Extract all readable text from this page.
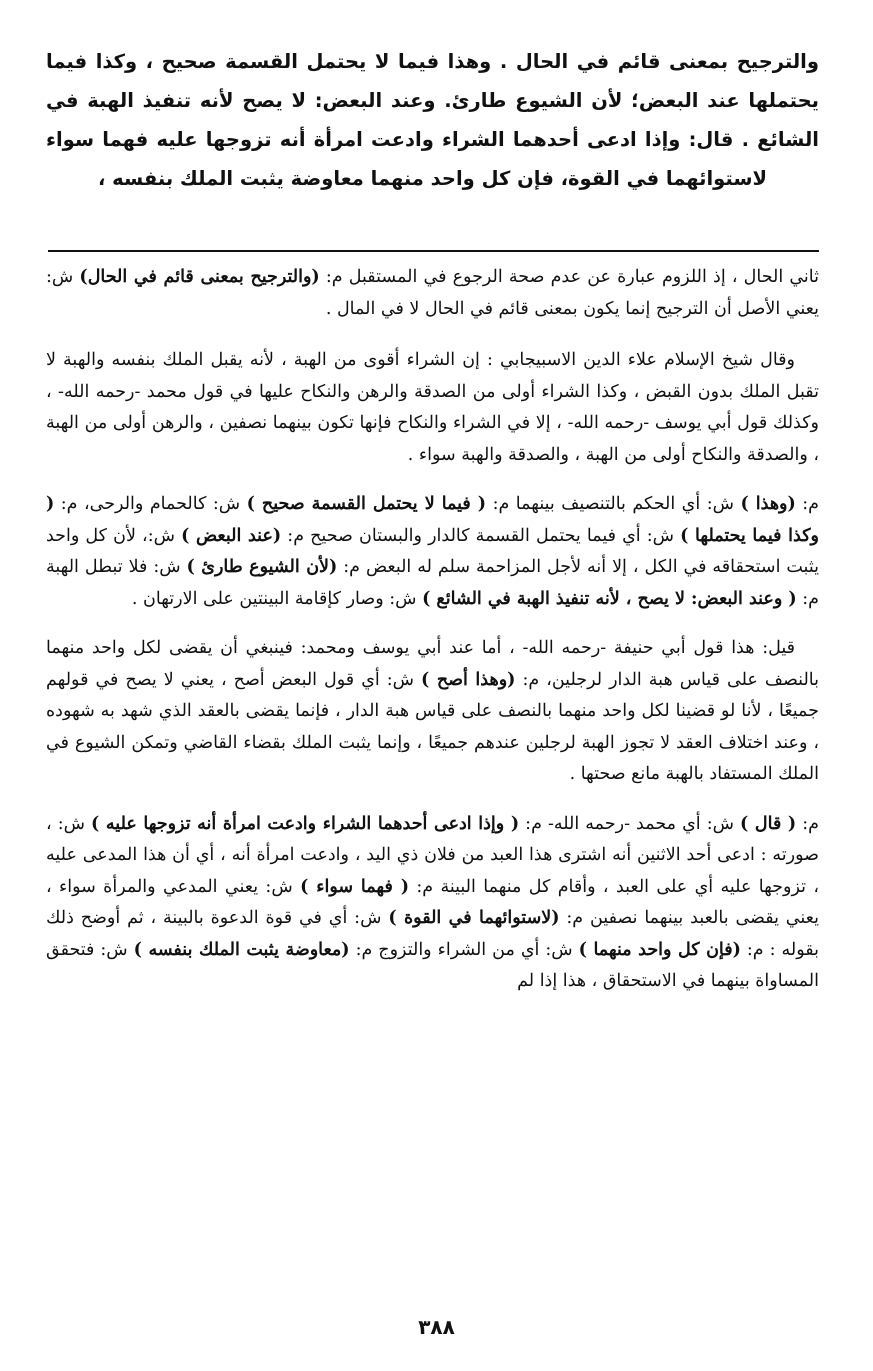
والترجيح بمعنى قائم في الحال . وهذا فيما لا يحتمل القسمة صحيح ، وكذا فيما يحتملها عند البعض؛ لأن الشيوع طارئ. وعند البعض: لا يصح لأنه تنفيذ الهبة في الشائع . قال: وإذا ادعى أحدهما الشراء وادعت امرأة أنه تزوجها عليه فهما سواء لاستوائهما في القوة، فإن كل واحد منهما معاوضة يثبت الملك بنفسه ،

ثاني الحال ، إذ اللزوم عبارة عن عدم صحة الرجوع في المستقبل م: (والترجيح بمعنى قائم في الحال) ش: يعني الأصل أن الترجيح إنما يكون بمعنى قائم في الحال لا في المال .

وقال شيخ الإسلام علاء الدين الاسبيجابي : إن الشراء أقوى من الهبة ، لأنه يقبل الملك بنفسه والهبة لا تقبل الملك بدون القبض ، وكذا الشراء أولى من الصدقة والرهن والنكاح عليها في قول محمد -رحمه الله- ، وكذلك قول أبي يوسف -رحمه الله- ، إلا في الشراء والنكاح فإنها تكون بينهما نصفين ، والرهن أولى من الهبة ، والصدقة والنكاح أولى من الهبة ، والصدقة والهبة سواء .

م: (وهذا ) ش: أي الحكم بالتنصيف بينهما م: ( فيما لا يحتمل القسمة صحيح ) ش: كالحمام والرحى، م: ( وكذا فيما يحتملها ) ش: أي فيما يحتمل القسمة كالدار والبستان صحيح م: (عند البعض ) ش:، لأن كل واحد يثبت استحقاقه في الكل ، إلا أنه لأجل المزاحمة سلم له البعض م: (لأن الشيوع طارئ ) ش: فلا تبطل الهبة م: ( وعند البعض: لا يصح ، لأنه تنفيذ الهبة في الشائع ) ش: وصار كإقامة البينتين على الارتهان .

قيل: هذا قول أبي حنيفة -رحمه الله- ، أما عند أبي يوسف ومحمد: فينبغي أن يقضى لكل واحد منهما بالنصف على قياس هبة الدار لرجلين، م: (وهذا أصح ) ش: أي قول البعض أصح ، يعني لا يصح في قولهم جميعًا ، لأنا لو قضينا لكل واحد منهما بالنصف على قياس هبة الدار ، فإنما يقضى بالعقد الذي شهد به شهوده ، وعند اختلاف العقد لا تجوز الهبة لرجلين عندهم جميعًا ، وإنما يثبت الملك بقضاء القاضي وتمكن الشيوع في الملك المستفاد بالهبة مانع صحتها .

م: ( قال ) ش: أي محمد -رحمه الله- م: ( وإذا ادعى أحدهما الشراء وادعت امرأة أنه تزوجها عليه ) ش: ، صورته : ادعى أحد الاثنين أنه اشترى هذا العبد من فلان ذي اليد ، وادعت امرأة أنه ، أي أن هذا المدعى عليه ، تزوجها عليه أي على العبد ، وأقام كل منهما البينة م: ( فهما سواء ) ش: يعني المدعي والمرأة سواء ، يعني يقضى بالعبد بينهما نصفين م: (لاستوائهما في القوة ) ش: أي في قوة الدعوة بالبينة ، ثم أوضح ذلك بقوله : م: (فإن كل واحد منهما ) ش: أي من الشراء والتزوج م: (معاوضة يثبت الملك بنفسه ) ش: فتحقق المساواة بينهما في الاستحقاق ، هذا إذا لم

٣٨٨
